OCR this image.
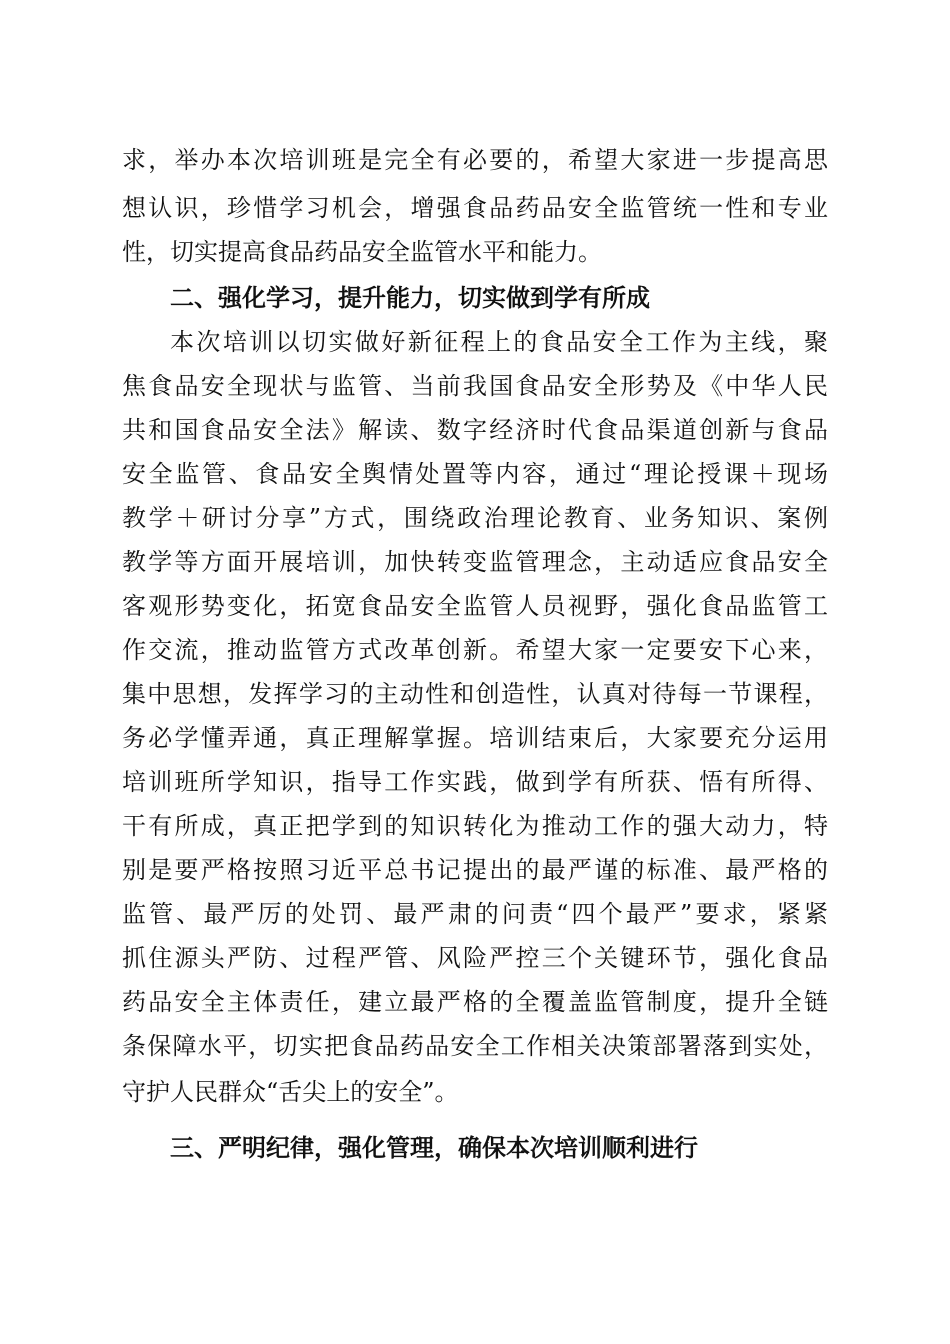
求，举办本次培训班是完全有必要的，希望大家进一步提高思
想认识，珍惜学习机会，增强食品药品安全监管统一性和专业
性，切实提高食品药品安全监管水平和能力。
二、强化学习，提升能力，切实做到学有所成
本次培训以切实做好新征程上的食品安全工作为主线，聚
焦食品安全现状与监管、当前我国食品安全形势及《中华人民
共和国食品安全法》解读、数字经济时代食品渠道创新与食品
安全监管、食品安全舆情处置等内容，通过“理论授课＋现场
教学＋研讨分享”方式，围绕政治理论教育、业务知识、案例
教学等方面开展培训，加快转变监管理念，主动适应食品安全
客观形势变化，拓宽食品安全监管人员视野，强化食品监管工
作交流，推动监管方式改革创新。希望大家一定要安下心来，
集中思想，发挥学习的主动性和创造性，认真对待每一节课程，
务必学懂弄通，真正理解掌握。培训结束后，大家要充分运用
培训班所学知识，指导工作实践，做到学有所获、悟有所得、
干有所成，真正把学到的知识转化为推动工作的强大动力，特
别是要严格按照习近平总书记提出的最严谨的标准、最严格的
监管、最严厉的处罚、最严肃的问责“四个最严”要求，紧紧
抓住源头严防、过程严管、风险严控三个关键环节，强化食品
药品安全主体责任，建立最严格的全覆盖监管制度，提升全链
条保障水平，切实把食品药品安全工作相关决策部署落到实处，
守护人民群众“舌尖上的安全”。
三、严明纪律，强化管理，确保本次培训顺利进行
